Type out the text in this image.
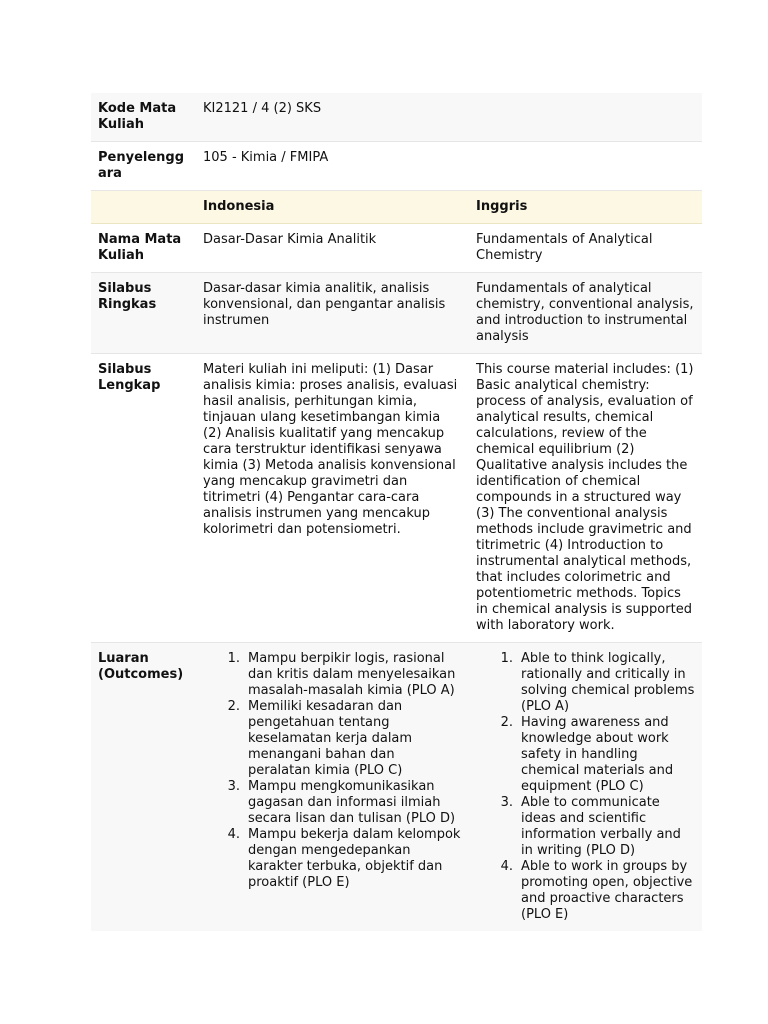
Kode Mata Kuliah
KI2121 / 4 (2) SKS
Penyelengg ara
105 - Kimia / FMIPA
Indonesia	Inggris
Nama Mata Kuliah
Dasar-Dasar Kimia Analitik	Fundamentals of Analytical Chemistry
Silabus Ringkas
Dasar-dasar kimia analitik, analisis konvensional, dan pengantar analisis instrumen
Fundamentals of analytical chemistry, conventional analysis, and introduction to instrumental analysis
Silabus Lengkap
Materi kuliah ini meliputi: (1) Dasar analisis kimia: proses analisis, evaluasi hasil analisis, perhitungan kimia, tinjauan ulang kesetimbangan kimia (2) Analisis kualitatif yang mencakup cara terstruktur identifikasi senyawa kimia (3) Metoda analisis konvensional yang mencakup gravimetri dan titrimetri (4) Pengantar cara-cara analisis instrumen yang mencakup kolorimetri dan potensiometri.
This course material includes: (1) Basic analytical chemistry: process of analysis, evaluation of analytical results, chemical calculations, review of the chemical equilibrium (2) Qualitative analysis includes the identification of chemical compounds in a structured way (3) The conventional analysis methods include gravimetric and titrimetric (4) Introduction to instrumental analytical methods, that includes colorimetric and potentiometric methods. Topics in chemical analysis is supported with laboratory work.
Luaran (Outcomes)
1. Mampu berpikir logis, rasional dan kritis dalam menyelesaikan masalah-masalah kimia (PLO A)
2. Memiliki kesadaran dan pengetahuan tentang keselamatan kerja dalam menangani bahan dan peralatan kimia (PLO C)
3. Mampu mengkomunikasikan gagasan dan informasi ilmiah secara lisan dan tulisan (PLO D)
4. Mampu bekerja dalam kelompok dengan mengedepankan karakter terbuka, objektif dan proaktif (PLO E)
1. Able to think logically, rationally and critically in solving chemical problems (PLO A)
2. Having awareness and knowledge about work safety in handling chemical materials and equipment (PLO C)
3. Able to communicate ideas and scientific information verbally and in writing (PLO D)
4. Able to work in groups by promoting open, objective and proactive characters (PLO E)
